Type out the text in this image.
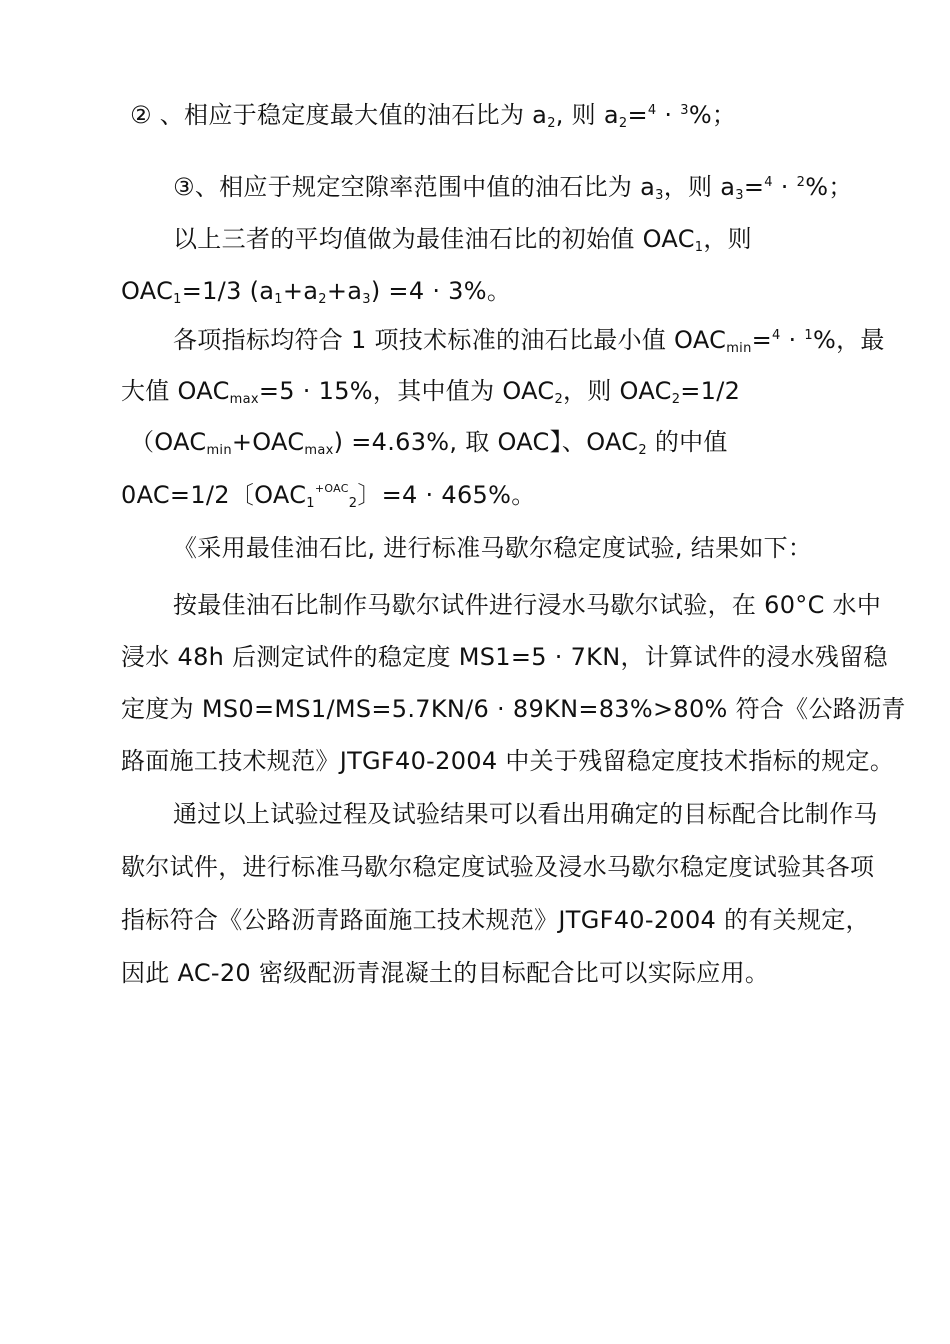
② 、相应于稳定度最大值的油石比为 $a_2$, 则 $a_2=^4 \cdot ^3\%$；
③、相应于规定空隙率范围中值的油石比为 $a_3$，则 $a_3=^4 \cdot ^2\%$；
以上三者的平均值做为最佳油石比的初始值 $OAC_1$，则
$OAC_1=1/3$ $(a_1+a_2+a_3) =4 \cdot 3\%$。
各项指标均符合 1 项技术标准的油石比最小值 $OAC_{min}=^4 \cdot ^1\%$，最
大值 $OAC_{max}=5 \cdot 15\%$，其中值为 $OAC_2$，则 $OAC_2=1/2$
$(OAC_{min}+OAC_{max}) =4.63\%$, 取 OAC】、$OAC_2$ 的中值
0AC=1/2〔$OAC_1^{+OAC}_2$〕=4 · 465%。
《采用最佳油石比, 进行标准马歇尔稳定度试验, 结果如下：
按最佳油石比制作马歇尔试件进行浸水马歇尔试验，在 60°C 水中
浸水 48h 后测定试件的稳定度 MS1=5 · 7KN，计算试件的浸水残留稳
定度为 MS0=MS1/MS=5.7KN/6 · 89KN=83%>80% 符合《公路沥青
路面施工技术规范》JTGF40-2004 中关于残留稳定度技术指标的规定。
通过以上试验过程及试验结果可以看出用确定的目标配合比制作马
歇尔试件，进行标准马歇尔稳定度试验及浸水马歇尔稳定度试验其各项
指标符合《公路沥青路面施工技术规范》JTGF40-2004 的有关规定，
因此 AC-20 密级配沥青混凝土的目标配合比可以实际应用。
